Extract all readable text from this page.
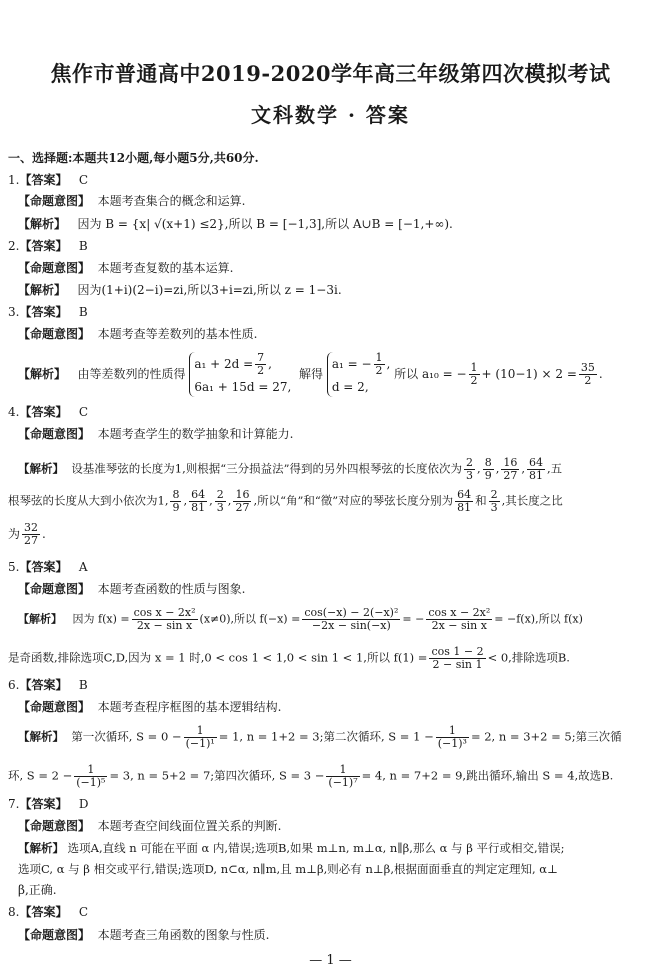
焦作市普通高中2019-2020学年高三年级第四次模拟考试
文科数学 · 答案
一、选择题:本题共12小题,每小题5分,共60分.
1.【答案】 C
【命题意图】 本题考查集合的概念和运算.
【解析】 因为 B = {x| √(x+1) ≤2},所以 B = [−1,3],所以 A∪B = [−1,+∞).
2.【答案】 B
【命题意图】 本题考查复数的基本运算.
【解析】 因为(1+i)(2−i)=zi,所以3+i=zi,所以 z = 1−3i.
3.【答案】 B
【命题意图】 本题考查等差数列的基本性质.
【解析】 由等差数列的性质得 $a_1 + 2d = \frac{7}{2}$ ,
6a₁ + 15d = 27,  解得 a₁ = − $\frac{1}{2}$ ,
d = 2, 所以 a₁₀ = − $\frac{1}{2} + (10-1) \times 2 = \frac{35}{2}$ .
4.【答案】 C
【命题意图】 本题考查学生的数学抽象和计算能力.
【解析】 设基准琴弦的长度为1,则根据“三分损益法”得到的另外四根琴弦的长度依次为 $\frac{2}{3}$ , $\frac{8}{9}$ , $\frac{16}{27}$ , $\frac{64}{81}$ ,五
根琴弦的长度从大到小依次为1, $\frac{8}{9}$ , $\frac{64}{81}$ , $\frac{2}{3}$ , $\frac{16}{27}$ ,所以“角”和“徵”对应的琴弦长度分别为 $\frac{64}{81}$ 和 $\frac{2}{3}$ ,其长度之比
为 $\frac{32}{27}$ .
5.【答案】 A
【命题意图】 本题考查函数的性质与图象.
【解析】 因为 $f(x) = \frac{\text{cos x − 2x²}}{\text{2x − sin x}} (x\ne 0)$,所以 $f(-x) = \frac{\text{cos(−x) − 2(−x)²}}{-2x - \sin(-x)}$ = − $\frac{\text{cos x − 2x²}}{\text{2x − sin x}} = -f(x)$,所以 f(x)
是奇函数,排除选项C,D,因为 x = 1 时,0 < cos 1 < 1,0 < sin 1 < 1,所以 $f(1) = \frac{\cos 1 - 2}{2 - \sin 1} < 0$,排除选项B.
6.【答案】 B
【命题意图】 本题考查程序框图的基本逻辑结构.
【解析】 第一次循环, $S = 0 - \frac{1}{\text{(−1)¹}} = 1$, n = 1+2 = 3;第二次循环, $S = 1 - \frac{1}{\text{(−1)³}} = 2$, n = 3+2 = 5;第三次循
环, $S = 2 - \frac{1}{\text{(−1)⁵}} = 3$, n = 5+2 = 7;第四次循环, $S = 3 - \frac{1}{\text{(−1)⁷}} = 4$, n = 7+2 = 9,跳出循环,输出 S = 4,故选B.
7.【答案】 D
【命题意图】 本题考查空间线面位置关系的判断.
【解析】 选项A,直线 n 可能在平面 α 内,错误;选项B,如果 m⊥n, m⊥α, n∥β,那么 α 与 β 平行或相交,错误;
选项C, α 与 β 相交或平行,错误;选项D, n⊂α, n∥m,且 m⊥β,则必有 n⊥β,根据面面垂直的判定定理知, α⊥
β,正确.
8.【答案】 C
【命题意图】 本题考查三角函数的图象与性质.
— 1 —
